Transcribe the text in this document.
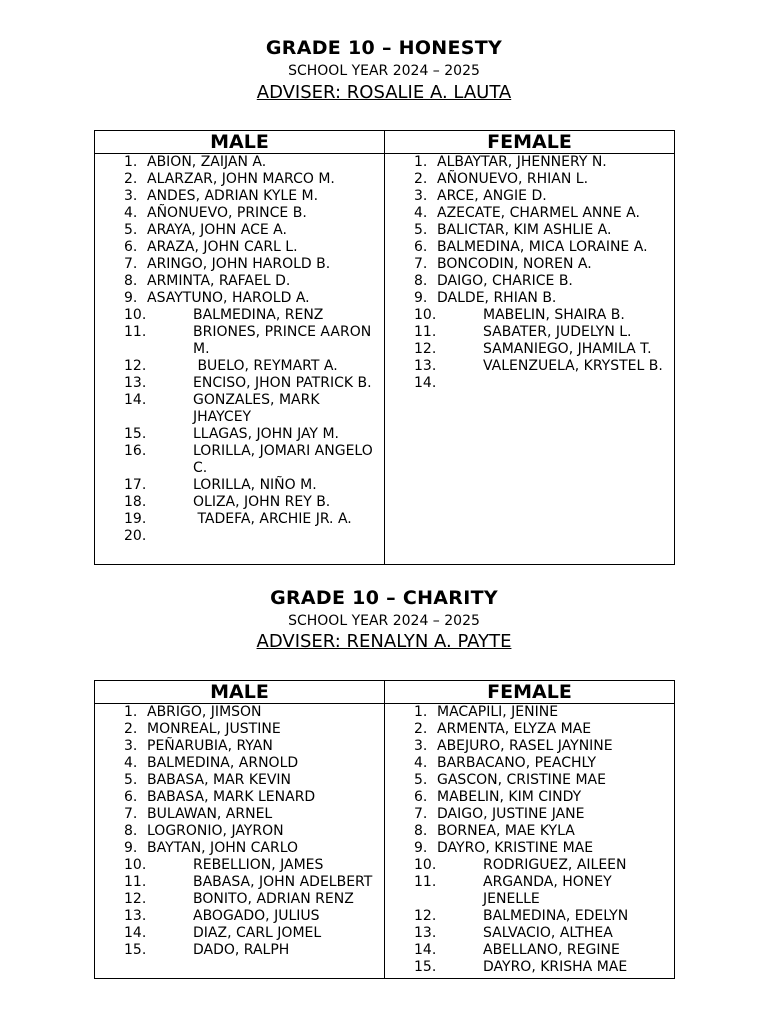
GRADE 10 – HONESTY
SCHOOL YEAR 2024 – 2025
ADVISER: ROSALIE A. LAUTA
MALE
1. ABION, ZAIJAN A.
2. ALARZAR, JOHN MARCO M.
3. ANDES, ADRIAN KYLE M.
4. AÑONUEVO, PRINCE B.
5. ARAYA, JOHN ACE A.
6. ARAZA, JOHN CARL L.
7. ARINGO, JOHN HAROLD B.
8. ARMINTA, RAFAEL D.
9. ASAYTUNO, HAROLD A.
10.	BALMEDINA, RENZ
11.	BRIONES, PRINCE AARON M.
12.	BUELO, REYMART A.
13.	ENCISO, JHON PATRICK B.
14.	GONZALES, MARK JHAYCEY
15.	LLAGAS, JOHN JAY M.
16.	LORILLA, JOMARI ANGELO C.
17.	LORILLA, NIÑO M.
18.	OLIZA, JOHN REY B.
19.	TADEFA, ARCHIE JR. A.
20.
FEMALE
1. ALBAYTAR, JHENNERY N.
2. AÑONUEVO, RHIAN L.
3. ARCE, ANGIE D.
4. AZECATE, CHARMEL ANNE A.
5. BALICTAR, KIM ASHLIE A.
6. BALMEDINA, MICA LORAINE A.
7. BONCODIN, NOREN A.
8. DAIGO, CHARICE B.
9. DALDE, RHIAN B.
10.	MABELIN, SHAIRA B.
11.	SABATER, JUDELYN L.
12.	SAMANIEGO, JHAMILA T.
13.	VALENZUELA, KRYSTEL B.
14.
GRADE 10 – CHARITY
SCHOOL YEAR 2024 – 2025
ADVISER: RENALYN A. PAYTE
MALE
1. ABRIGO, JIMSON
2. MONREAL, JUSTINE
3. PEÑARUBIA, RYAN
4. BALMEDINA, ARNOLD
5. BABASA, MAR KEVIN
6. BABASA, MARK LENARD
7. BULAWAN, ARNEL
8. LOGRONIO, JAYRON
9. BAYTAN, JOHN CARLO
10.	REBELLION, JAMES
11.	BABASA, JOHN ADELBERT
12.	BONITO, ADRIAN RENZ
13.	ABOGADO, JULIUS
14.	DIAZ, CARL JOMEL
15.	DADO, RALPH
FEMALE
1. MACAPILI, JENINE
2. ARMENTA, ELYZA MAE
3. ABEJURO, RASEL JAYNINE
4. BARBACANO, PEACHLY
5. GASCON, CRISTINE MAE
6. MABELIN, KIM CINDY
7. DAIGO, JUSTINE JANE
8. BORNEA, MAE KYLA
9. DAYRO, KRISTINE MAE
10.	RODRIGUEZ, AILEEN
11.	ARGANDA, HONEY JENELLE
12.	BALMEDINA, EDELYN
13.	SALVACIO, ALTHEA
14.	ABELLANO, REGINE
15.	DAYRO, KRISHA MAE
